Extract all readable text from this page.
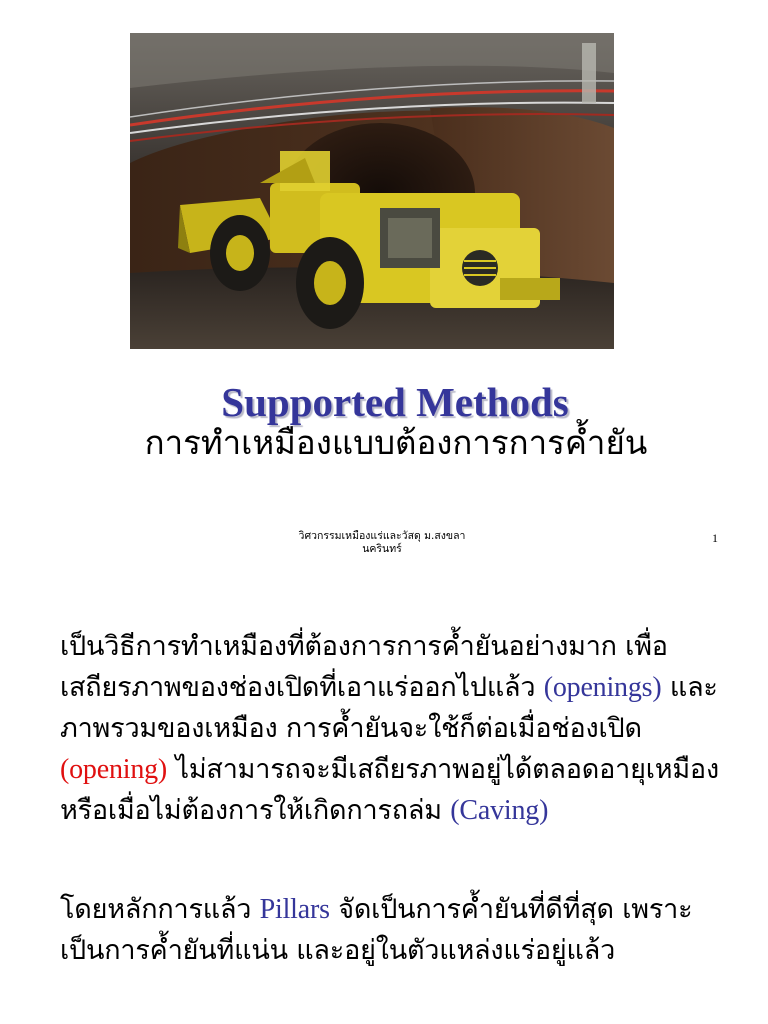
Supported Methods
การทำเหมืองแบบต้องการการค้ำยัน
วิศวกรรมเหมืองแร่และวัสดุ ม.สงขลา
นครินทร์
1

เป็นวิธีการทำเหมืองที่ต้องการการค้ำยันอย่างมาก เพื่อเสถียรภาพของช่องเปิดที่เอาแร่ออกไปแล้ว (openings) และภาพรวมของเหมือง การค้ำยันจะใช้ก็ต่อเมื่อช่องเปิด (opening) ไม่สามารถจะมีเสถียรภาพอยู่ได้ตลอดอายุเหมือง หรือเมื่อไม่ต้องการให้เกิดการถล่ม (Caving)

โดยหลักการแล้ว Pillars จัดเป็นการค้ำยันที่ดีที่สุด เพราะเป็นการค้ำยันที่แน่น และอยู่ในตัวแหล่งแร่อยู่แล้ว
